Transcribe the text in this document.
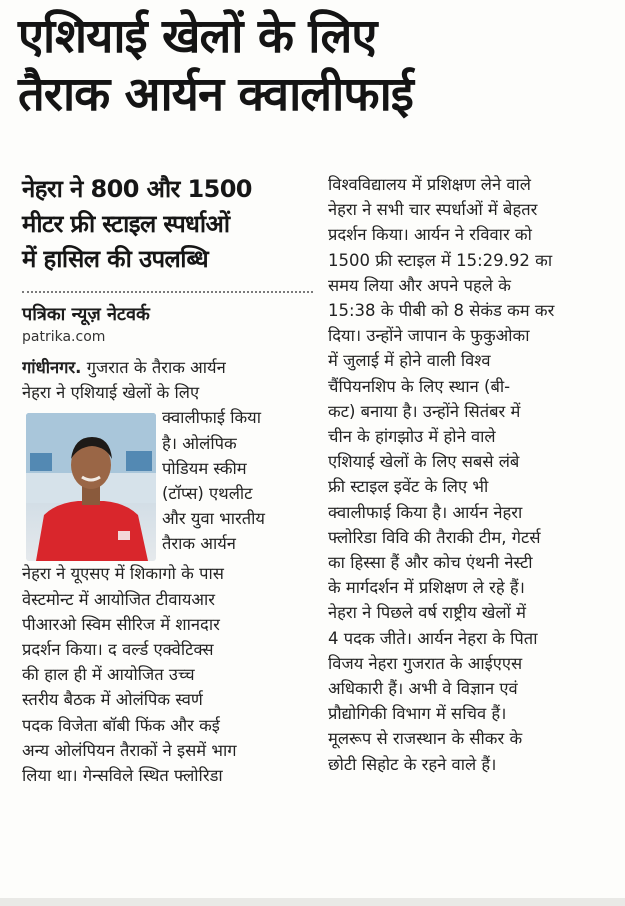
एशियाई खेलों के लिए
तैराक आर्यन क्वालीफाई
नेहरा ने 800 और 1500
मीटर फ्री स्टाइल स्पर्धाओं
में हासिल की उपलब्धि
पत्रिका न्यूज़ नेटवर्क
patrika.com
गांधीनगर. गुजरात के तैराक आर्यन
नेहरा ने एशियाई खेलों के लिए
क्वालीफाई किया
है। ओलंपिक
पोडियम स्कीम
(टॉप्स) एथलीट
और युवा भारतीय
तैराक आर्यन
नेहरा ने यूएसए में शिकागो के पास
वेस्टमोन्ट में आयोजित टीवायआर
पीआरओ स्विम सीरिज में शानदार
प्रदर्शन किया। द वर्ल्ड एक्वेटिक्स
की हाल ही में आयोजित उच्च
स्तरीय बैठक में ओलंपिक स्वर्ण
पदक विजेता बॉबी फिंक और कई
अन्य ओलंपियन तैराकों ने इसमें भाग
लिया था। गेन्सविले स्थित फ्लोरिडा
विश्वविद्यालय में प्रशिक्षण लेने वाले
नेहरा ने सभी चार स्पर्धाओं में बेहतर
प्रदर्शन किया। आर्यन ने रविवार को
1500 फ्री स्टाइल में 15:29.92 का
समय लिया और अपने पहले के
15:38 के पीबी को 8 सेकंड कम कर
दिया। उन्होंने जापान के फुकुओका
में जुलाई में होने वाली विश्व
चैंपियनशिप के लिए स्थान (बी-
कट) बनाया है। उन्होंने सितंबर में
चीन के हांगझोउ में होने वाले
एशियाई खेलों के लिए सबसे लंबे
फ्री स्टाइल इवेंट के लिए भी
क्वालीफाई किया है। आर्यन नेहरा
फ्लोरिडा विवि की तैराकी टीम, गेटर्स
का हिस्सा हैं और कोच एंथनी नेस्टी
के मार्गदर्शन में प्रशिक्षण ले रहे हैं।
नेहरा ने पिछले वर्ष राष्ट्रीय खेलों में
4 पदक जीते। आर्यन नेहरा के पिता
विजय नेहरा गुजरात के आईएएस
अधिकारी हैं। अभी वे विज्ञान एवं
प्रौद्योगिकी विभाग में सचिव हैं।
मूलरूप से राजस्थान के सीकर के
छोटी सिहोट के रहने वाले हैं।
